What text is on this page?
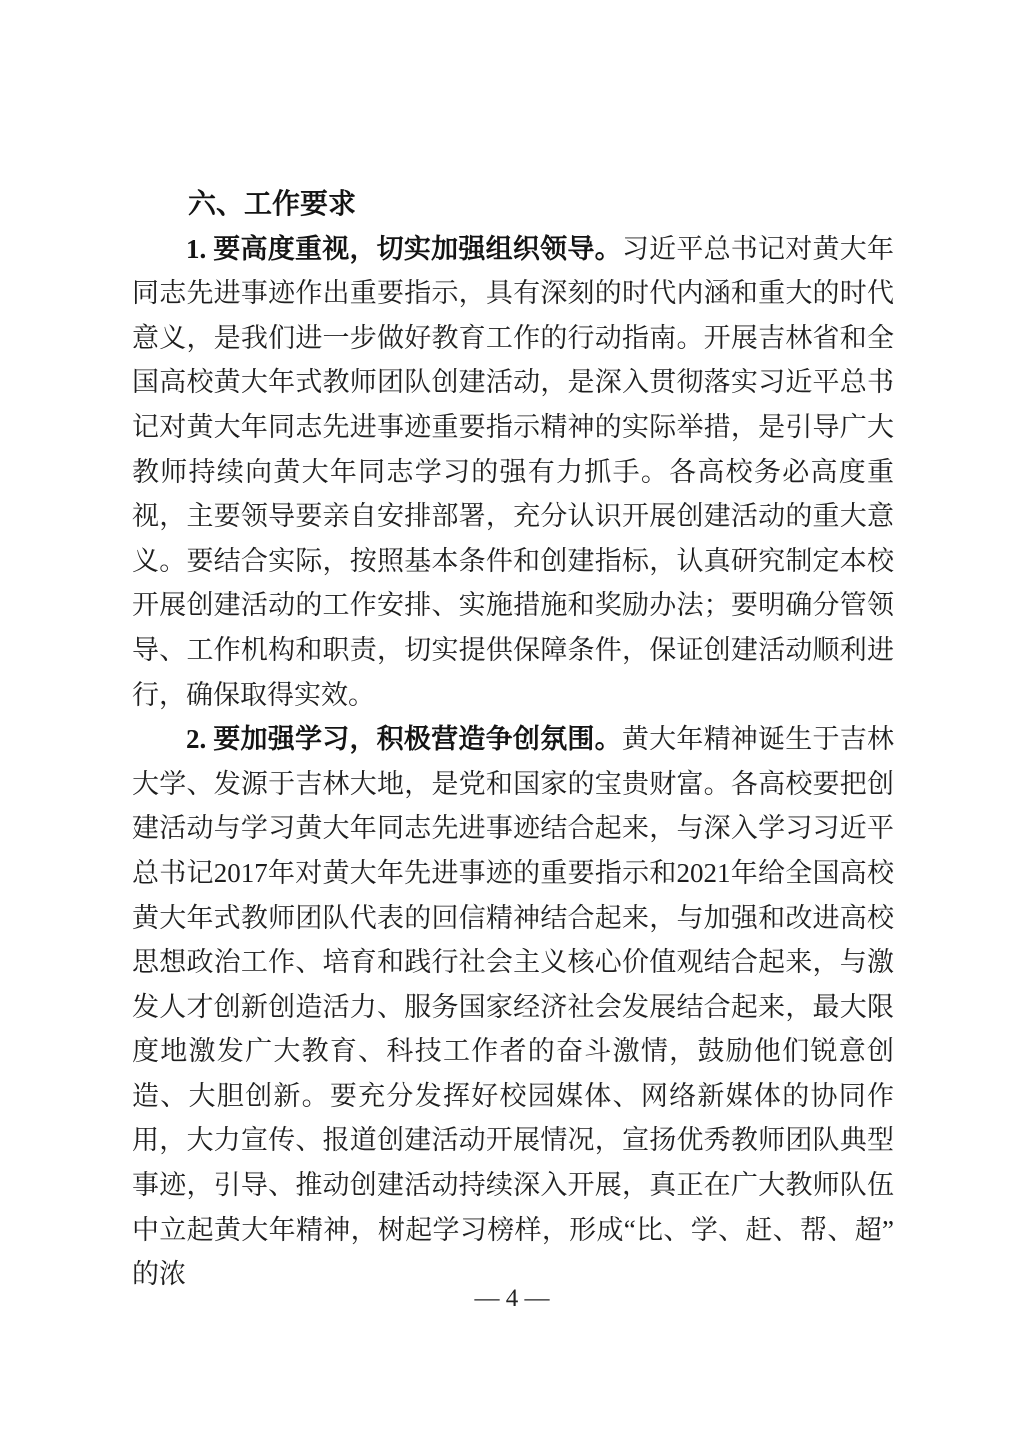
六、工作要求

1. 要高度重视，切实加强组织领导。习近平总书记对黄大年同志先进事迹作出重要指示，具有深刻的时代内涵和重大的时代意义，是我们进一步做好教育工作的行动指南。开展吉林省和全国高校黄大年式教师团队创建活动，是深入贯彻落实习近平总书记对黄大年同志先进事迹重要指示精神的实际举措，是引导广大教师持续向黄大年同志学习的强有力抓手。各高校务必高度重视，主要领导要亲自安排部署，充分认识开展创建活动的重大意义。要结合实际，按照基本条件和创建指标，认真研究制定本校开展创建活动的工作安排、实施措施和奖励办法；要明确分管领导、工作机构和职责，切实提供保障条件，保证创建活动顺利进行，确保取得实效。

2. 要加强学习，积极营造争创氛围。黄大年精神诞生于吉林大学、发源于吉林大地，是党和国家的宝贵财富。各高校要把创建活动与学习黄大年同志先进事迹结合起来，与深入学习习近平总书记2017年对黄大年先进事迹的重要指示和2021年给全国高校黄大年式教师团队代表的回信精神结合起来，与加强和改进高校思想政治工作、培育和践行社会主义核心价值观结合起来，与激发人才创新创造活力、服务国家经济社会发展结合起来，最大限度地激发广大教育、科技工作者的奋斗激情，鼓励他们锐意创造、大胆创新。要充分发挥好校园媒体、网络新媒体的协同作用，大力宣传、报道创建活动开展情况，宣扬优秀教师团队典型事迹，引导、推动创建活动持续深入开展，真正在广大教师队伍中立起黄大年精神，树起学习榜样，形成“比、学、赶、帮、超”的浓

— 4 —
